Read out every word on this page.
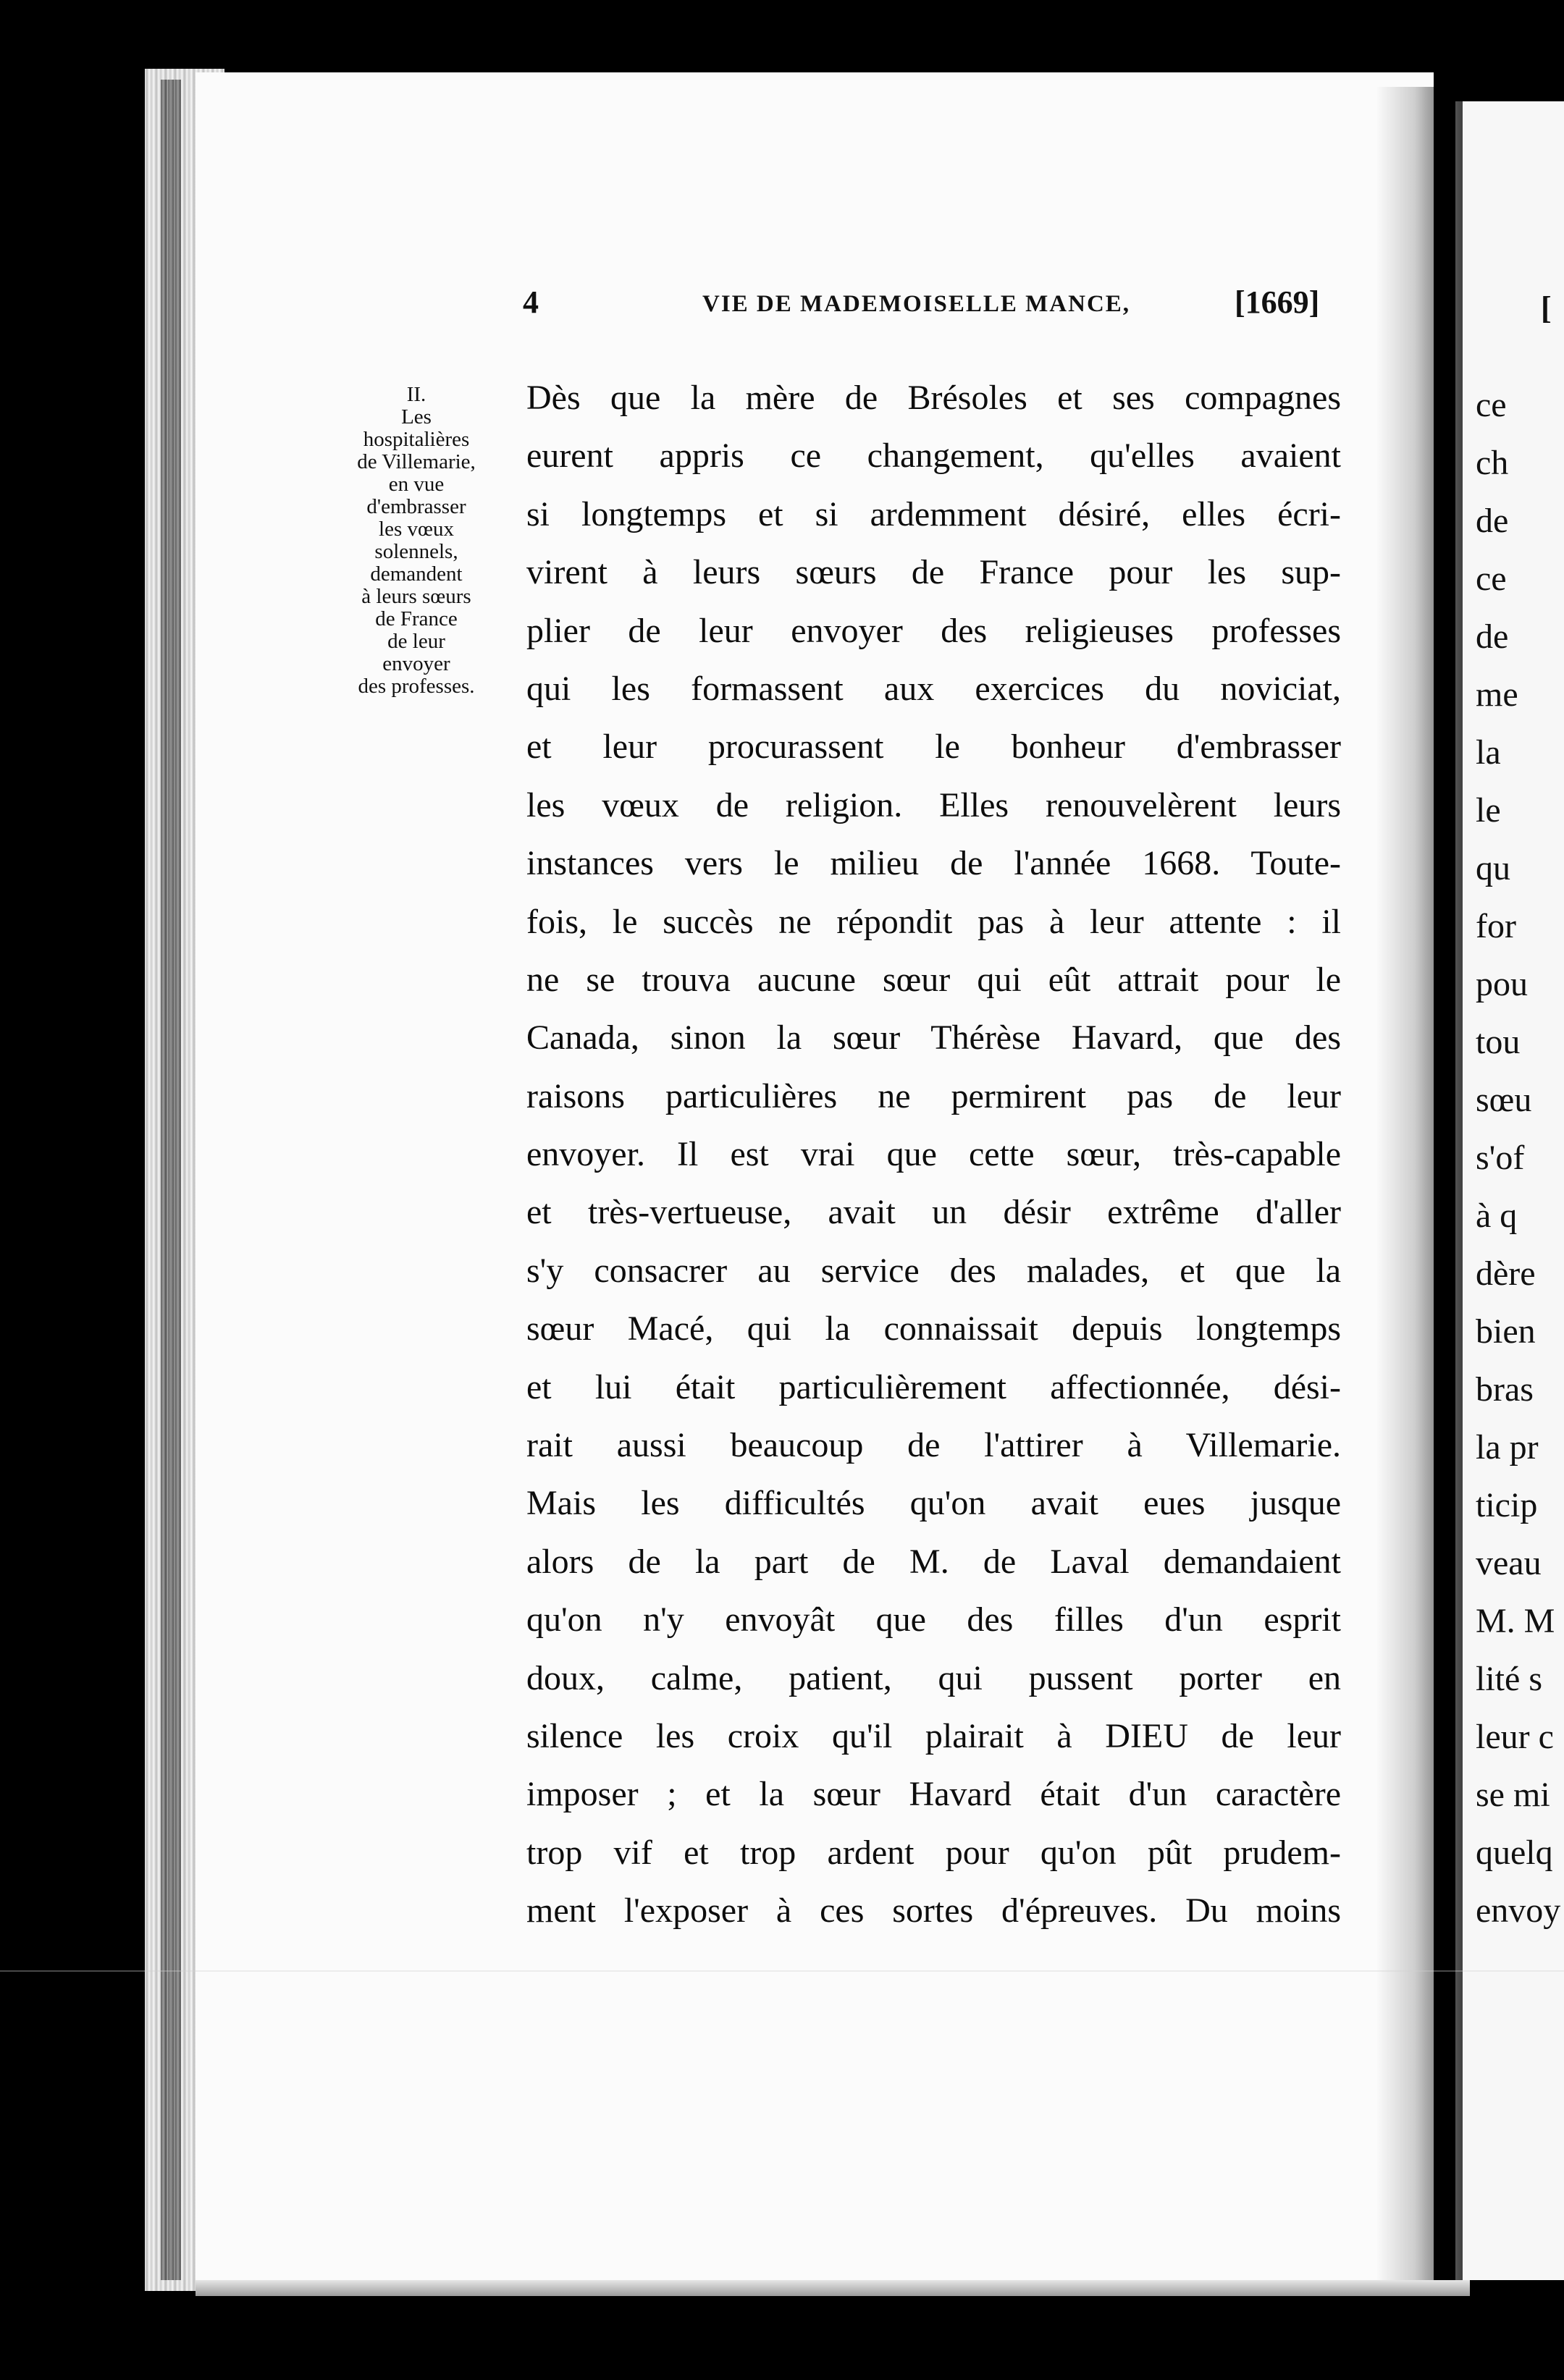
4	VIE DE MADEMOISELLE MANCE,	[1669]
II.
Les
hospitalières
de Villemarie,
en vue
d'embrasser
les vœux
solennels,
demandent
à leurs sœurs
de France
de leur
envoyer
des professes.
Dès que la mère de Brésoles et ses compagnes
eurent appris ce changement, qu'elles avaient
si longtemps et si ardemment désiré, elles écri-
virent à leurs sœurs de France pour les sup-
plier de leur envoyer des religieuses professes
qui les formassent aux exercices du noviciat,
et leur procurassent le bonheur d'embrasser
les vœux de religion. Elles renouvelèrent leurs
instances vers le milieu de l'année 1668. Toute-
fois, le succès ne répondit pas à leur attente : il
ne se trouva aucune sœur qui eût attrait pour le
Canada, sinon la sœur Thérèse Havard, que des
raisons particulières ne permirent pas de leur
envoyer. Il est vrai que cette sœur, très-capable
et très-vertueuse, avait un désir extrême d'aller
s'y consacrer au service des malades, et que la
sœur Macé, qui la connaissait depuis longtemps
et lui était particulièrement affectionnée, dési-
rait aussi beaucoup de l'attirer à Villemarie.
Mais les difficultés qu'on avait eues jusque
alors de la part de M. de Laval demandaient
qu'on n'y envoyât que des filles d'un esprit
doux, calme, patient, qui pussent porter en
silence les croix qu'il plairait à DIEU de leur
imposer ; et la sœur Havard était d'un caractère
trop vif et trop ardent pour qu'on pût prudem-
ment l'exposer à ces sortes d'épreuves. Du moins
[
ce
ch
de
ce
de
me
la
le
qu
for
pou
tou
sœu
s'of
à q
dère
bien
bras
la pr
ticip
veau
M. M
lité s
leur c
se mi
quelq
envoy
